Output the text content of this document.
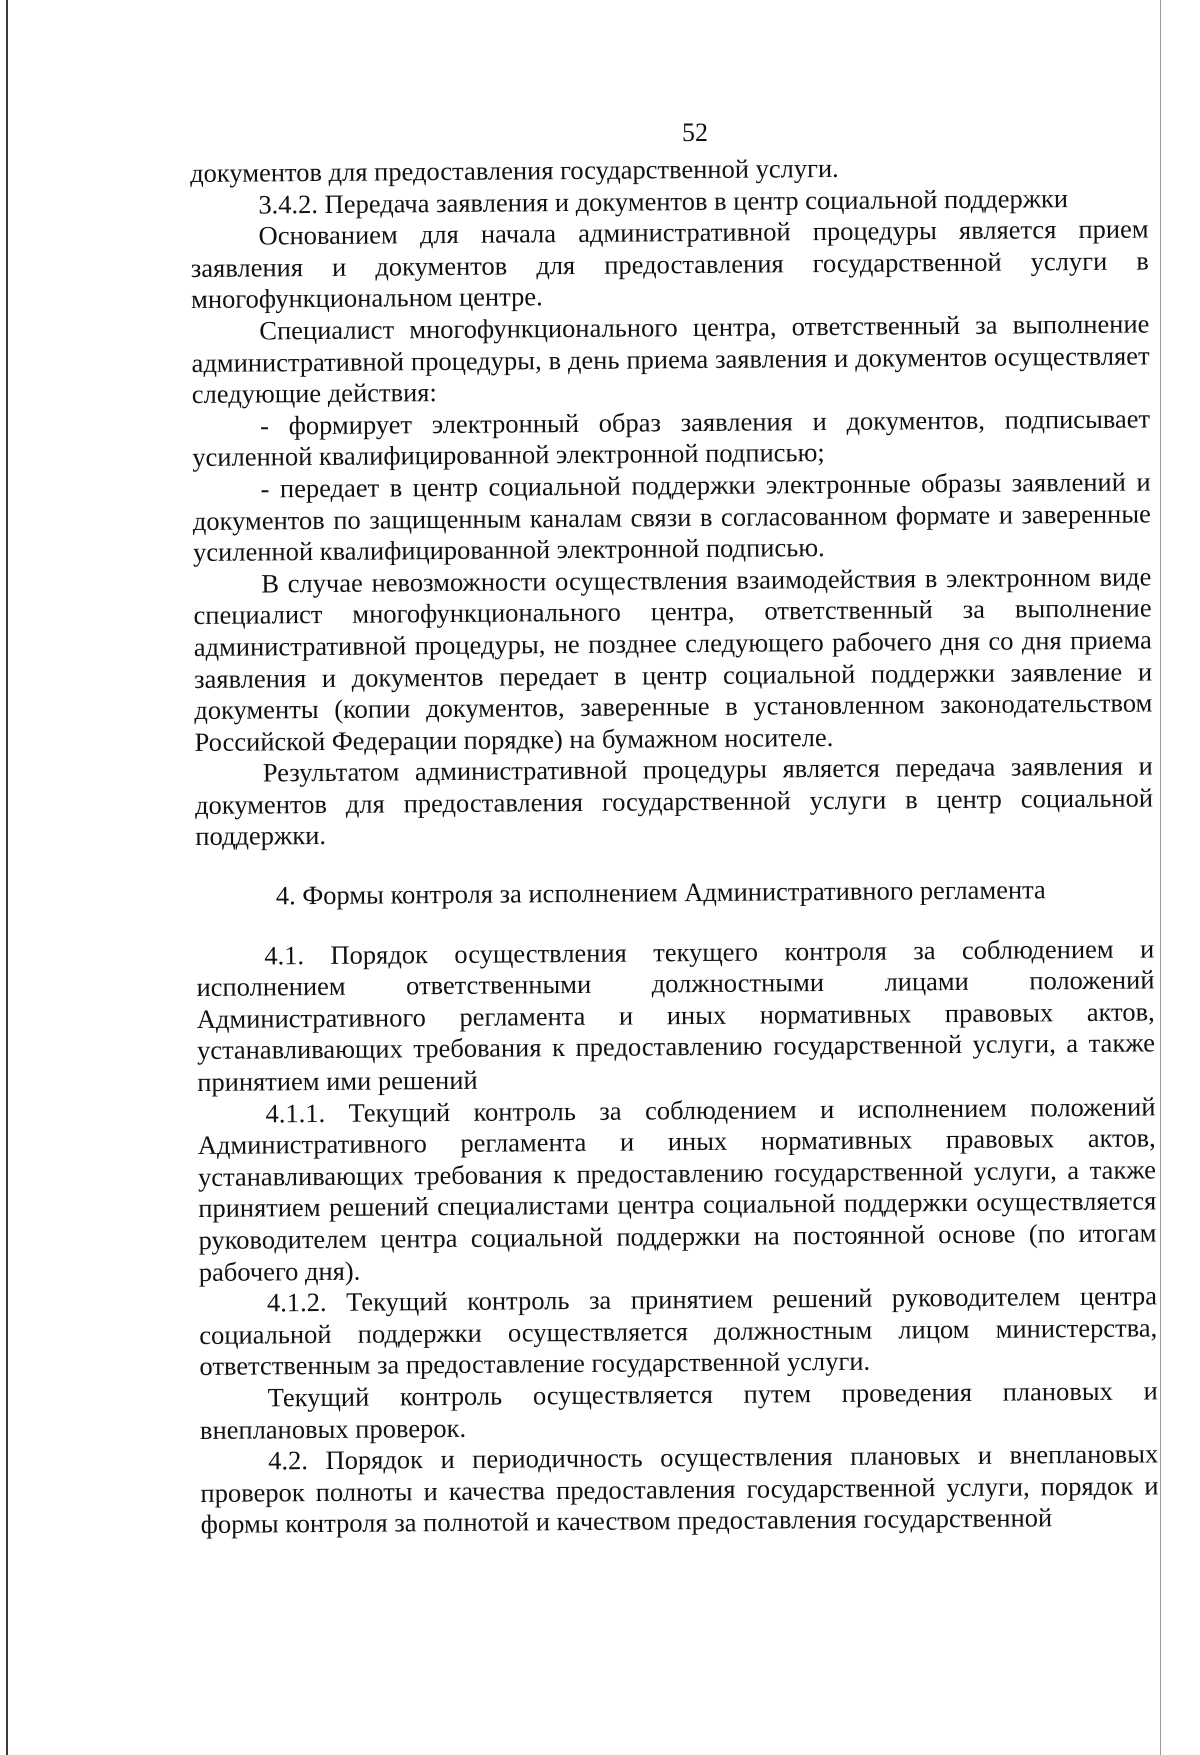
52

документов для предоставления государственной услуги.

3.4.2. Передача заявления и документов в центр социальной поддержки

Основанием для начала административной процедуры является прием заявления и документов для предоставления государственной услуги в многофункциональном центре.

Специалист многофункционального центра, ответственный за выполнение административной процедуры, в день приема заявления и документов осуществляет следующие действия:

- формирует электронный образ заявления и документов, подписывает усиленной квалифицированной электронной подписью;

- передает в центр социальной поддержки электронные образы заявлений и документов по защищенным каналам связи в согласованном формате и заверенные усиленной квалифицированной электронной подписью.

В случае невозможности осуществления взаимодействия в электронном виде специалист многофункционального центра, ответственный за выполнение административной процедуры, не позднее следующего рабочего дня со дня приема заявления и документов передает в центр социальной поддержки заявление и документы (копии документов, заверенные в установленном законодательством Российской Федерации порядке) на бумажном носителе.

Результатом административной процедуры является передача заявления и документов для предоставления государственной услуги в центр социальной поддержки.

4. Формы контроля за исполнением Административного регламента

4.1. Порядок осуществления текущего контроля за соблюдением и исполнением ответственными должностными лицами положений Административного регламента и иных нормативных правовых актов, устанавливающих требования к предоставлению государственной услуги, а также принятием ими решений

4.1.1. Текущий контроль за соблюдением и исполнением положений Административного регламента и иных нормативных правовых актов, устанавливающих требования к предоставлению государственной услуги, а также принятием решений специалистами центра социальной поддержки осуществляется руководителем центра социальной поддержки на постоянной основе (по итогам рабочего дня).

4.1.2. Текущий контроль за принятием решений руководителем центра социальной поддержки осуществляется должностным лицом министерства, ответственным за предоставление государственной услуги.

Текущий контроль осуществляется путем проведения плановых и внеплановых проверок.

4.2. Порядок и периодичность осуществления плановых и внеплановых проверок полноты и качества предоставления государственной услуги, порядок и формы контроля за полнотой и качеством предоставления государственной
